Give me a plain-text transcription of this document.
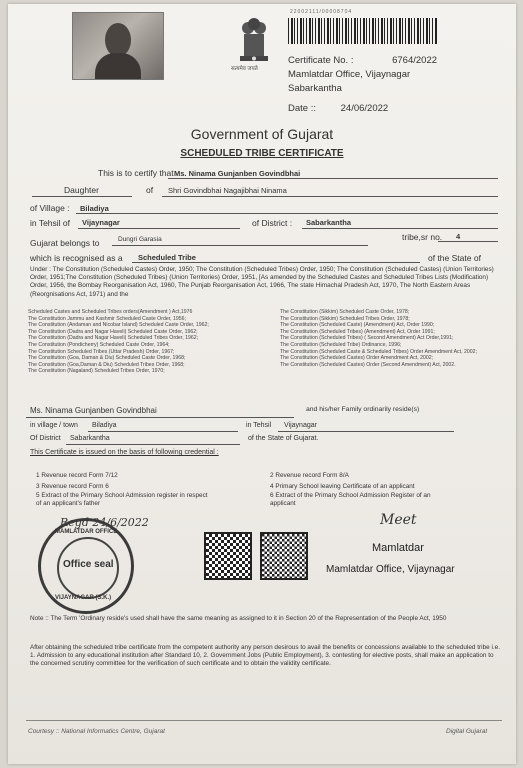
सत्यमेव जयते
22002111/00008704
Certificate No. :	6764/2022
Mamlatdar Office, Vijaynagar
Sabarkantha
Date ::	24/06/2022
Government of Gujarat
SCHEDULED TRIBE CERTIFICATE
This is to certify that Ms. Ninama Gunjanben Govindbhai
Daughter	of Shri Govindbhai Nagajibhai Ninama
of Village : Biladiya
in Tehsil of Vijaynagar	of District : Sabarkantha
Gujarat belongs to	Dungri Garasia	tribe,sr no. 4
which is recognised as a Scheduled Tribe	of the State of
Under : The Constitution (Scheduled Castes) Order, 1950; The Constitution (Scheduled Tribes) Order, 1950; The Constitution (Scheduled Castes) (Union Territories) Order, 1951;The Constitution (Scheduled Tribes) (Union Territories) Order, 1951, [As amended by the Scheduled Castes and Scheduled Tribes Lists (Modification) Order, 1956, the Bombay Reorganisation Act, 1960, The Punjab Reorganisation Act, 1966, The state Himachal Pradesh Act, 1970, The North Eastern Areas (Reorgnisations Act, 1971) and the
Scheduled Castes and Scheduled Tribes orders(Amendment ) Act,1976
The Constitution Jammu and Kashmir Scheduled Caste Order, 1956;
The Constitution (Andaman and Nicobar Island) Scheduled Caste Order, 1962;
The Constitution (Dadra and Nagar Haveli) Scheduled Caste Order, 1962;
The Constitution (Dadra and Nagar Haveli) Scheduled Tribes Order, 1962;
The Constitution (Pondicherry) Scheduled Caste Order, 1964;
The Constitution Scheduled Tribes (Uttar Pradesh) Order, 1967;
The Constitution (Goa, Daman & Diu) Scheduled Caste Order, 1968;
The Constitution (Goa,Daman & Diu) Scheduled Tribes Order, 1968;
The Constitution (Nagaland) Scheduled Tribes Order, 1970;
The Constitution (Sikkim) Scheduled Caste Order, 1978;
The Constitution (Sikkim) Scheduled Tribes Order, 1978;
The Constitution (Scheduled Caste) (Amendment) Act, Order 1990;
The Constitution (Scheduled Tribes) (Amendment) Act, Order 1991;
The Constitution (Scheduled Tribes) ( Second Amendment) Act Order,1991;
The Constitution (Scheduled Tribe) Ordinance, 1996;
The Constitution (Scheduled Caste & Scheduled Tribes) Order Amendment Act, 2002;
The Constitution (Scheduled Castes) Order Amendment Act, 2002;
The Constitution (Scheduled Castes) Order (Second Amendment) Act, 2002.
Ms. Ninama Gunjanben Govindbhai	and his/her Family ordinarily reside(s)
in village / town Biladiya	in Tehsil Vijaynagar
Of District Sabarkantha	of the State of Gujarat.
This Certificate is issued on the basis of following credential :
1 Revenue record Form 7/12
3 Revenue record Form 6
5 Extract of the Primary School Admission register in respect
of an applicant's father
2 Revenue record Form 8/A
4 Primary School leaving Certificate of an applicant
6 Extract of the Primary School Admission Register of an
applicant
Regd 24/6/2022
MAMLATDAR OFFICE
Office seal
VIJAYNAGAR (S.K.)
Meet
Mamlatdar
Mamlatdar Office, Vijaynagar
Note :: The Term 'Ordinary reside's used shall have the same meaning as assigned to it in Section 20 of the Representation of the People Act, 1950
After obtaining the scheduled tribe certificate from the competent authority any person desirous to avail the benefits or concessions available to the scheduled tribe i.e. 1. Admission to any educational institution after Standard 10, 2. Government Jobs (Public Employment), 3. contesting for elective posts, shall make an application to the concerned scrutiny committee for the verification of such certificate and to obtain the validity certificate.
Courtesy :: National Informatics Centre, Gujarat	Digital Gujarat
